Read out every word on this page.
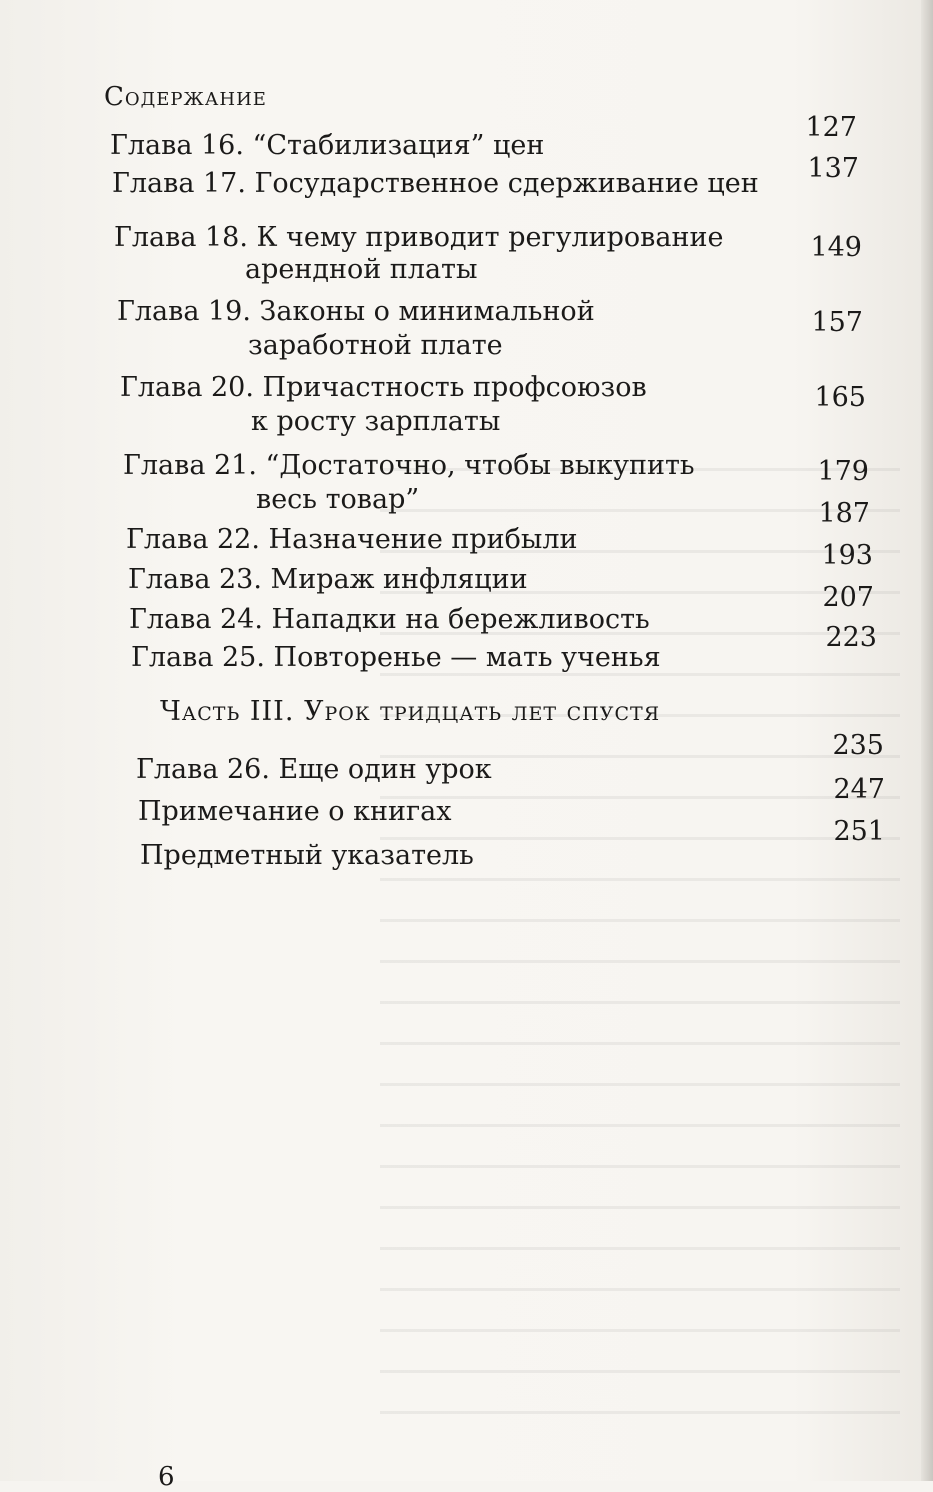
Содержание
Глава 16. “Стабилизация” цен
127
Глава 17. Государственное сдерживание цен	137
Глава 18. К чему приводит регулирование
арендной платы
149
Глава 19. Законы о минимальной
заработной плате
157
Глава 20. Причастность профсоюзов
к росту зарплаты
165
Глава 21. “Достаточно, чтобы выкупить
весь товар”
179
Глава 22. Назначение прибыли
187
Глава 23. Мираж инфляции
193
Глава 24. Нападки на бережливость
207
Глава 25. Повторенье — мать ученья
223
Часть III. Урок тридцать лет спустя
Глава 26. Еще один урок
235
Примечание о книгах
247
Предметный указатель
251
6
